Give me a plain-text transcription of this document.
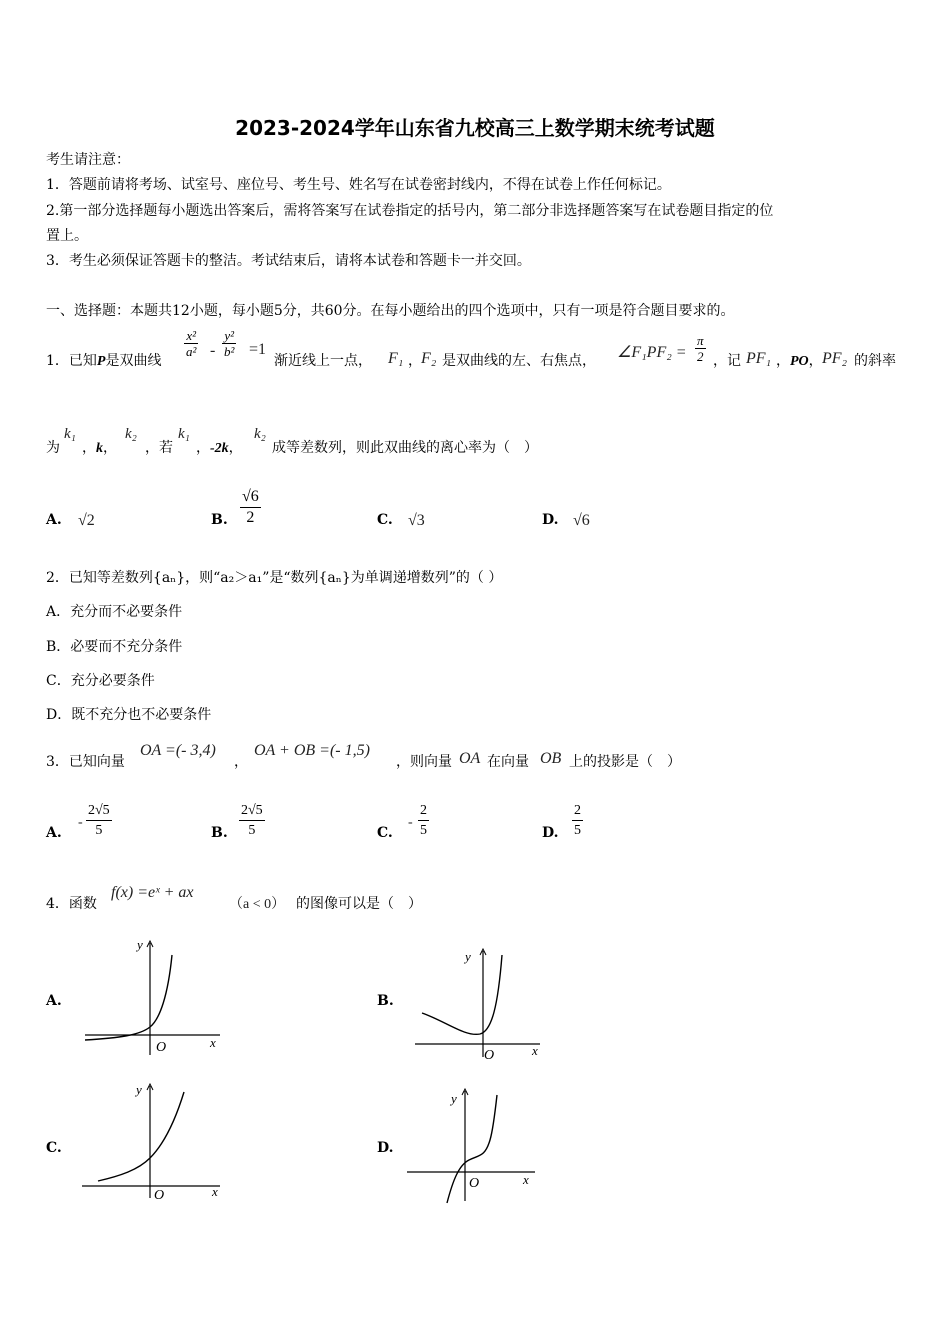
2023-2024学年山东省九校高三上数学期末统考试题
考生请注意：
1．答题前请将考场、试室号、座位号、考生号、姓名写在试卷密封线内，不得在试卷上作任何标记。
2.第一部分选择题每小题选出答案后，需将答案写在试卷指定的括号内，第二部分非选择题答案写在试卷题目指定的位
置上。
3．考生必须保证答题卡的整洁。考试结束后，请将本试卷和答题卡一并交回。
一、选择题：本题共12小题，每小题5分，共60分。在每小题给出的四个选项中，只有一项是符合题目要求的。
1．已知P是双曲线
$\frac{\text{x²}}{\text{a²}} - \frac{\text{y²}}{\text{b²}} =1$
渐近线上一点， F₁ ， F₂ 是双曲线的左、右焦点， ∠F₁PF₂ = $\frac{\pi}{2}$ ，记 PF₁ ，PO， PF₂ 的斜率
为
k₁
，k，
k₂
，若
k₁
，-2k，
k₂
成等差数列，则此双曲线的离心率为（　）
A. √2	B. $\frac{√6}{2}$	C. √3	D. √6
2．已知等差数列{aₙ}，则“a₂＞a₁”是“数列{aₙ}为单调递增数列”的（ ）
A．充分而不必要条件
B．必要而不充分条件
C．充分必要条件
D．既不充分也不必要条件
3．已知向量
OA =(- 3,4)
，
OA + OB =(- 1,5)
，则向量 OA 在向量 OB 上的投影是（　）
A.
- $\frac{2√5}{5}$	B. $\frac{2√5}{5}$	C.
- $\frac{2}{5}$	D. $\frac{2}{5}$
4．函数
f(x) =eˣ + ax
（a < 0） 的图像可以是（　）
A.
y
x
O
B.
y
x
O
C.
y
x
O
D.
y
x
O
